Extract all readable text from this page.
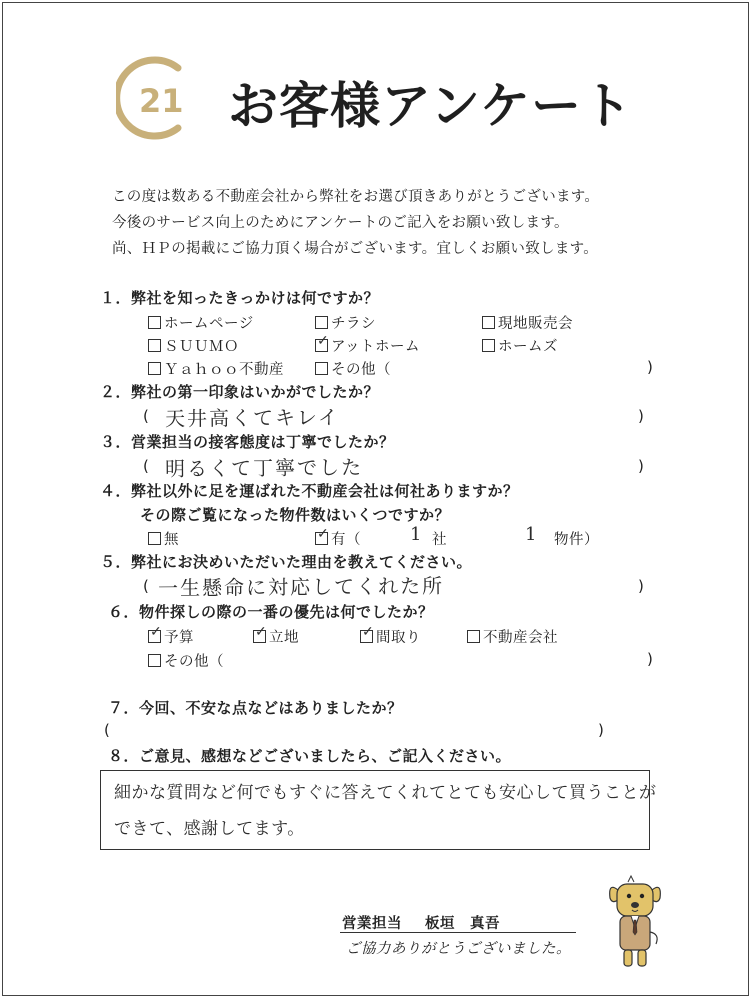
21 お客様アンケート
この度は数ある不動産会社から弊社をお選び頂きありがとうございます。
今後のサービス向上のためにアンケートのご記入をお願い致します。
尚、ＨＰの掲載にご協力頂く場合がございます。宜しくお願い致します。
１．弊社を知ったきっかけは何ですか？
ホームページ	チラシ	現地販売会
ＳＵＵＭＯ	✓ アットホーム	ホームズ
Ｙａｈｏｏ不動産	その他（	)
２．弊社の第一印象はいかがでしたか？
( 天井高くてキレイ	)
３．営業担当の接客態度は丁寧でしたか？
( 明るくて丁寧でした	)
４．弊社以外に足を運ばれた不動産会社は何社ありますか？
その際ご覧になった物件数はいくつですか？
無	✓ 有（	1 社	1 物件）
５．弊社にお決めいただいた理由を教えてください。
( 一生懸命に対応してくれた所	)
６．物件探しの際の一番の優先は何でしたか？
✓ 予算	✓ 立地	✓ 間取り	不動産会社
その他（	)
７．今回、不安な点などはありましたか？
(	)
８．ご意見、感想などございましたら、ご記入ください。
細かな質問など何でもすぐに答えてくれてとても安心して買うことが
できて、感謝してます。
営業担当 板垣　真吾
ご協力ありがとうございました。
